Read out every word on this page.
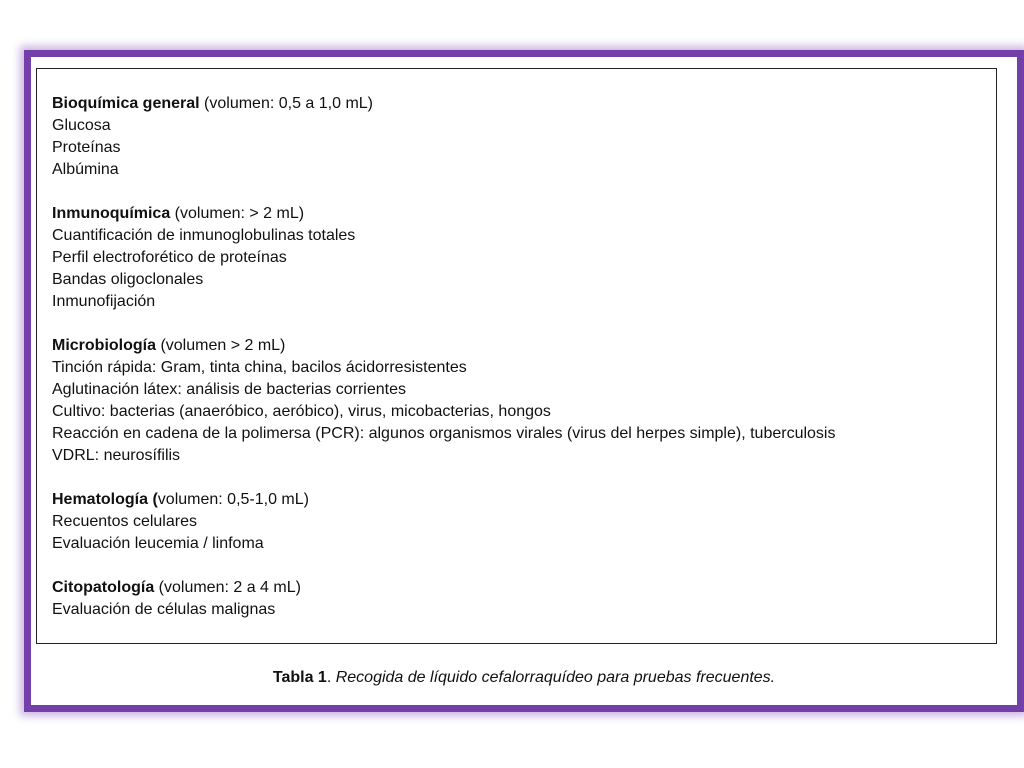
Bioquímica general (volumen: 0,5 a 1,0 mL)
Glucosa
Proteínas
Albúmina
Inmunoquímica (volumen: > 2 mL)
Cuantificación de inmunoglobulinas totales
Perfil electroforético de proteínas
Bandas oligoclonales
Inmunofijación
Microbiología (volumen > 2 mL)
Tinción rápida: Gram, tinta china, bacilos ácidorresistentes
Aglutinación látex: análisis de bacterias corrientes
Cultivo: bacterias (anaeróbico, aeróbico), virus, micobacterias, hongos
Reacción en cadena de la polimersa (PCR): algunos organismos virales (virus del herpes simple), tuberculosis
VDRL: neurosífilis
Hematología (volumen: 0,5-1,0 mL)
Recuentos celulares
Evaluación leucemia / linfoma
Citopatología (volumen: 2 a 4 mL)
Evaluación de células malignas
Tabla 1. Recogida de líquido cefalorraquídeo para pruebas frecuentes.
